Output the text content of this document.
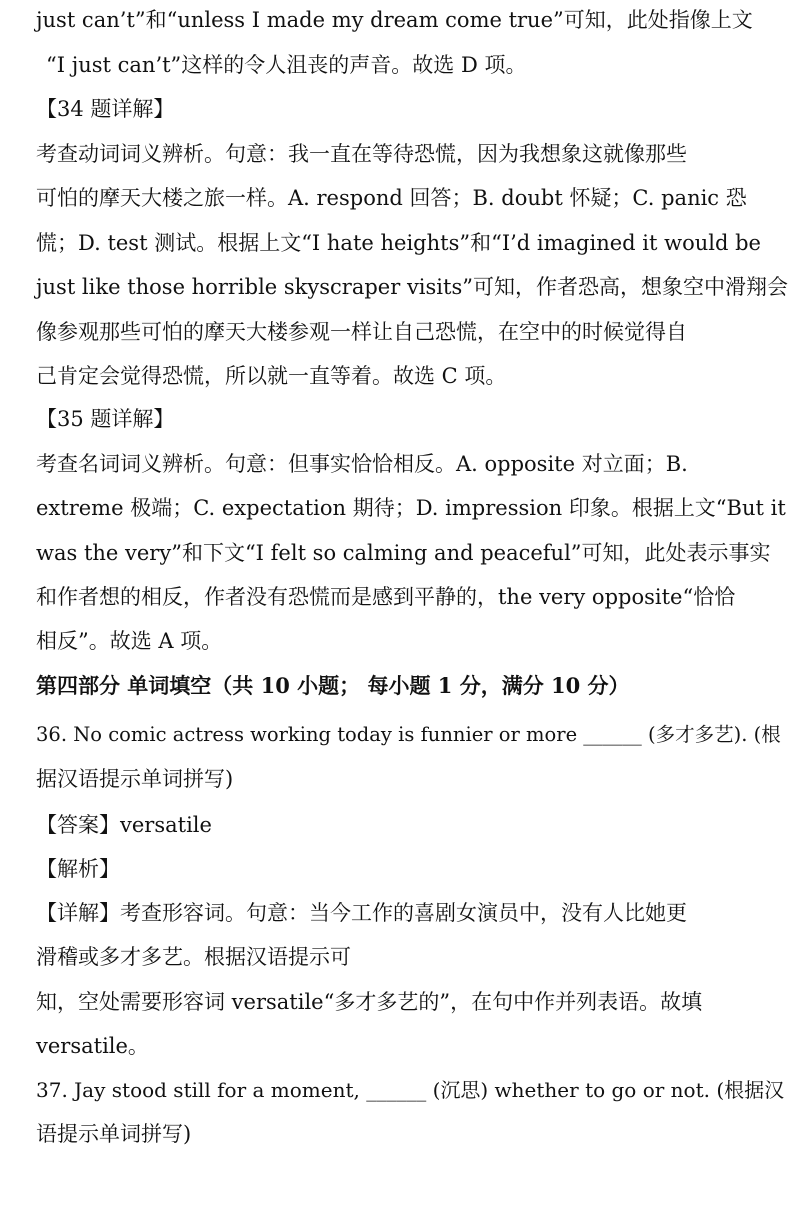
just can’t”和“unless I made my dream come true”可知，此处指像上文
“I just can’t”这样的令人沮丧的声音。故选 D 项。
【34 题详解】
考查动词词义辨析。句意：我一直在等待恐慌，因为我想象这就像那些
可怕的摩天大楼之旅一样。A. respond 回答；B. doubt 怀疑；C. panic 恐
慌；D. test 测试。根据上文“I hate heights”和“I’d imagined it would be
just like those horrible skyscraper visits”可知，作者恐高，想象空中滑翔会
像参观那些可怕的摩天大楼参观一样让自己恐慌，在空中的时候觉得自
己肯定会觉得恐慌，所以就一直等着。故选 C 项。
【35 题详解】
考查名词词义辨析。句意：但事实恰恰相反。A. opposite 对立面；B.
extreme 极端；C. expectation 期待；D. impression 印象。根据上文“But it
was the very”和下文“I felt so calming and peaceful”可知，此处表示事实
和作者想的相反，作者没有恐慌而是感到平静的，the very opposite“恰恰
相反”。故选 A 项。
第四部分 单词填空（共 10 小题； 每小题 1 分，满分 10 分）
36. No comic actress working today is funnier or more ______ (多才多艺). (根
据汉语提示单词拼写)
【答案】versatile
【解析】
【详解】考查形容词。句意：当今工作的喜剧女演员中，没有人比她更
滑稽或多才多艺。根据汉语提示可
知，空处需要形容词 versatile“多才多艺的”，在句中作并列表语。故填
versatile。
37. Jay stood still for a moment, ______ (沉思) whether to go or not. (根据汉
语提示单词拼写)
